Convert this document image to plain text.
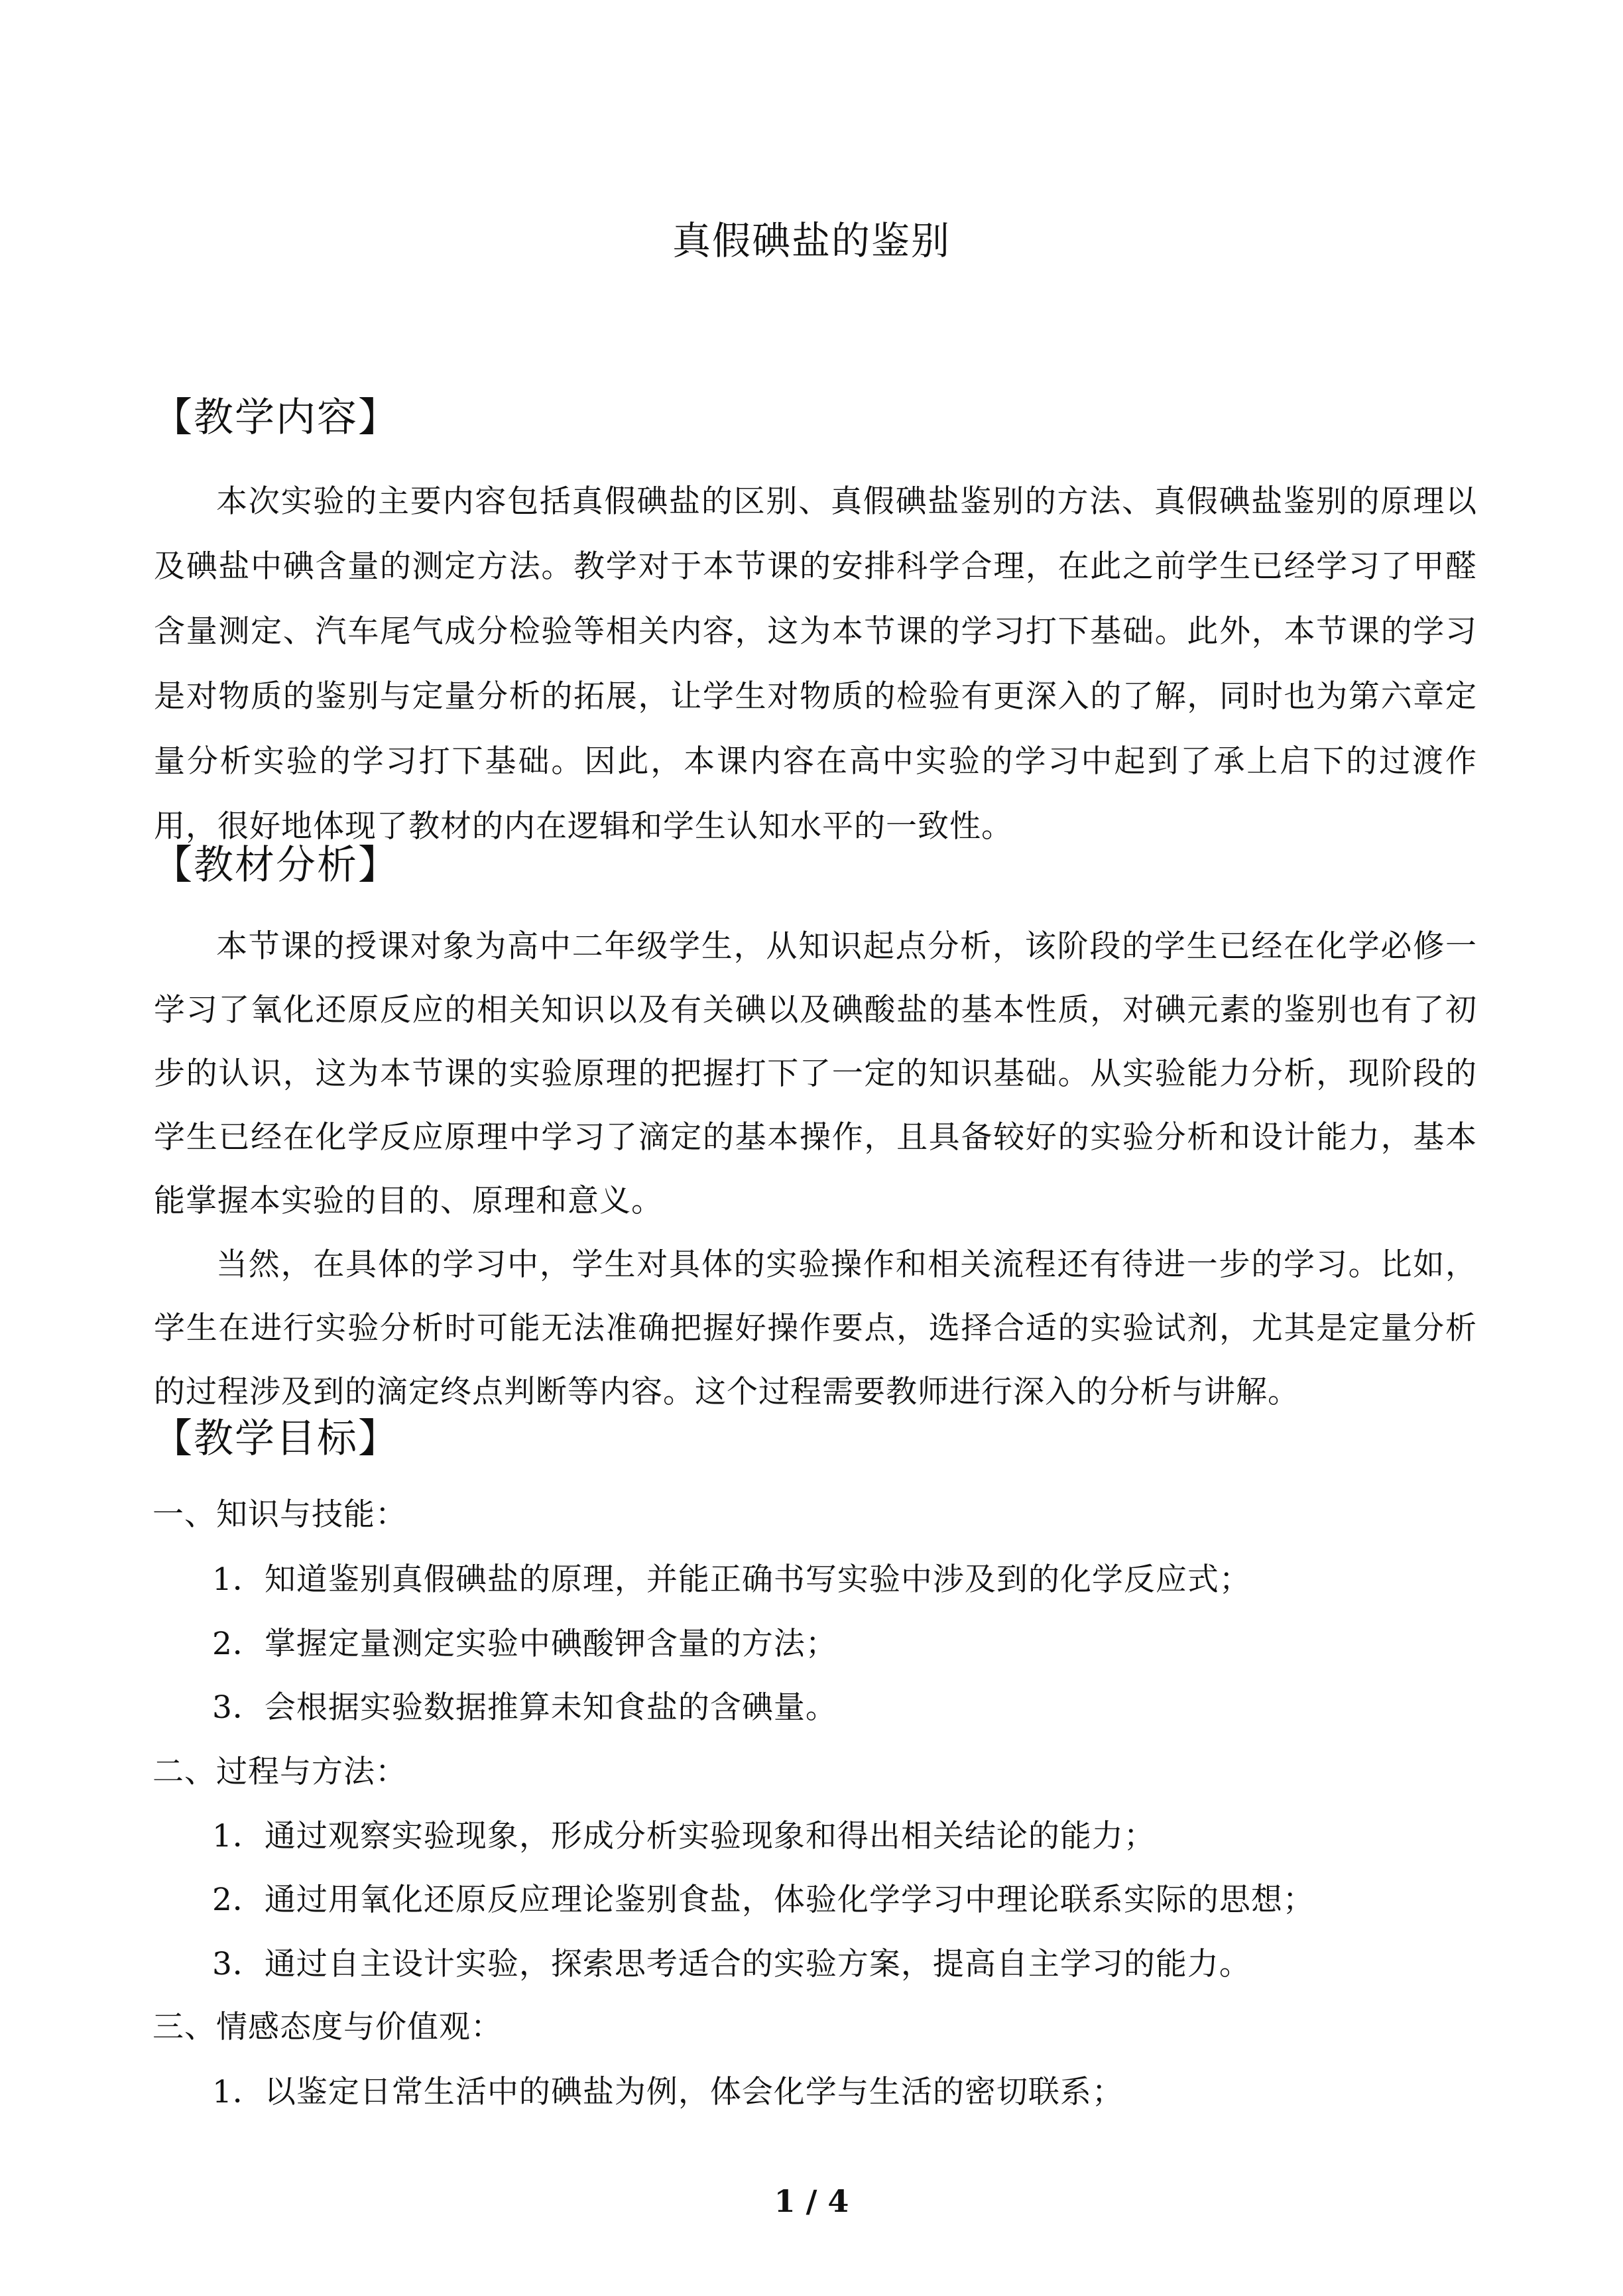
真假碘盐的鉴别
【教学内容】

本次实验的主要内容包括真假碘盐的区别、真假碘盐鉴别的方法、真假碘盐鉴别的原理以及碘盐中碘含量的测定方法。教学对于本节课的安排科学合理，在此之前学生已经学习了甲醛含量测定、汽车尾气成分检验等相关内容，这为本节课的学习打下基础。此外，本节课的学习是对物质的鉴别与定量分析的拓展，让学生对物质的检验有更深入的了解，同时也为第六章定量分析实验的学习打下基础。因此，本课内容在高中实验的学习中起到了承上启下的过渡作用，很好地体现了教材的内在逻辑和学生认知水平的一致性。

【教材分析】

本节课的授课对象为高中二年级学生，从知识起点分析，该阶段的学生已经在化学必修一学习了氧化还原反应的相关知识以及有关碘以及碘酸盐的基本性质，对碘元素的鉴别也有了初步的认识，这为本节课的实验原理的把握打下了一定的知识基础。从实验能力分析，现阶段的学生已经在化学反应原理中学习了滴定的基本操作，且具备较好的实验分析和设计能力，基本能掌握本实验的目的、原理和意义。

当然，在具体的学习中，学生对具体的实验操作和相关流程还有待进一步的学习。比如，学生在进行实验分析时可能无法准确把握好操作要点，选择合适的实验试剂，尤其是定量分析的过程涉及到的滴定终点判断等内容。这个过程需要教师进行深入的分析与讲解。

【教学目标】
一、知识与技能：
1．知道鉴别真假碘盐的原理，并能正确书写实验中涉及到的化学反应式；
2．掌握定量测定实验中碘酸钾含量的方法；
3．会根据实验数据推算未知食盐的含碘量。
二、过程与方法：
1．通过观察实验现象，形成分析实验现象和得出相关结论的能力；
2．通过用氧化还原反应理论鉴别食盐，体验化学学习中理论联系实际的思想；
3．通过自主设计实验，探索思考适合的实验方案，提高自主学习的能力。
三、情感态度与价值观：
1．以鉴定日常生活中的碘盐为例，体会化学与生活的密切联系；
1 / 4
